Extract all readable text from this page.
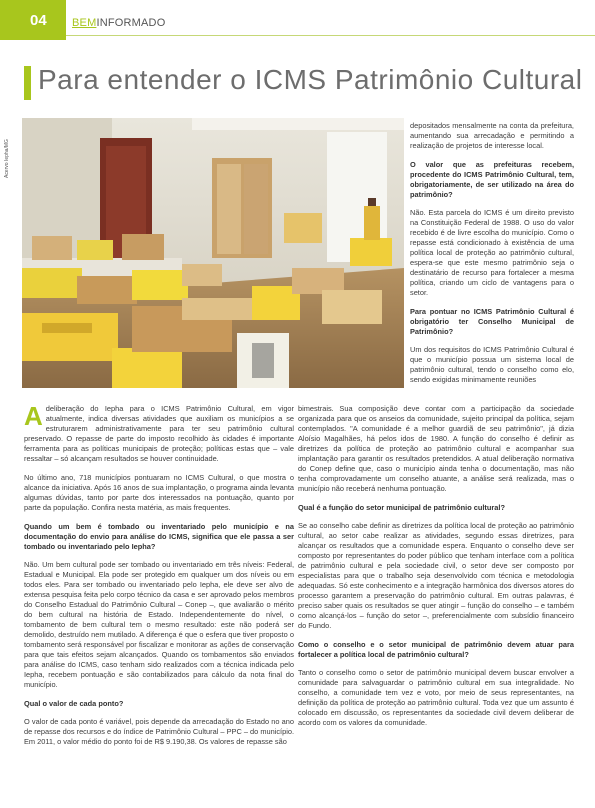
04	BEMINFORMADO
Para entender o ICMS Patrimônio Cultural
Acervo Iepha/MG

depositados mensalmente na conta da prefeitura, aumentando sua arrecadação e permitindo a realização de projetos de interesse local.

O valor que as prefeituras recebem, procedente do ICMS Patrimônio Cultural, tem, obrigatoriamente, de ser utilizado na área do patrimônio?

Não. Esta parcela do ICMS é um direito previsto na Constituição Federal de 1988. O uso do valor recebido é de livre escolha do município. Como o repasse está condicionado à existência de uma política local de proteção ao patrimônio cultural, espera-se que este mesmo patrimônio seja o destinatário de recurso para fortalecer a mesma política, criando um ciclo de vantagens para o setor.

Para pontuar no ICMS Patrimônio Cultural é obrigatório ter Conselho Municipal de Patrimônio?

Um dos requisitos do ICMS Patrimônio Cultural é que o município possua um sistema local de patrimônio cultural, tendo o conselho como elo, sendo exigidas minimamente reuniões

Adeliberação do Iepha para o ICMS Patrimônio Cultural, em vigor atualmente, indica diversas atividades que auxiliam os municípios a se estruturarem administrativamente para ter seu patrimônio cultural preservado. O repasse de parte do imposto recolhido às cidades é importante ferramenta para as políticas municipais de proteção; políticas estas que – vale ressaltar – só alcançam resultados se houver continuidade.

No último ano, 718 municípios pontuaram no ICMS Cultural, o que mostra o alcance da iniciativa. Após 16 anos de sua implantação, o programa ainda levanta algumas dúvidas, tanto por parte dos interessados na pontuação, quanto por parte da população. Confira nesta matéria, as mais frequentes.

Quando um bem é tombado ou inventariado pelo município e na documentação do envio para análise do ICMS, significa que ele passa a ser tombado ou inventariado pelo Iepha?

Não. Um bem cultural pode ser tombado ou inventariado em três níveis: Federal, Estadual e Municipal. Ela pode ser protegido em qualquer um dos níveis ou em todos eles. Para ser tombado ou inventariado pelo Iepha, ele deve ser alvo de extensa pesquisa feita pelo corpo técnico da casa e ser aprovado pelos membros do Conselho Estadual do Patrimônio Cultural – Conep –, que avaliarão o mérito do bem cultural na história de Estado. Independentemente do nível, o tombamento de bem cultural tem o mesmo resultado: este não poderá ser demolido, destruído nem mutilado. A diferença é que o esfera que tiver proposto o tombamento será responsável por fiscalizar e monitorar as ações de conservação para que tais efeitos sejam alcançados. Quando os tombamentos são enviados para análise do ICMS, caso tenham sido realizados com a técnica indicada pelo Iepha, recebem pontuação e são contabilizados para cálculo da nota final do município.

Qual o valor de cada ponto?

O valor de cada ponto é variável, pois depende da arrecadação do Estado no ano de repasse dos recursos e do índice de Patrimônio Cultural – PPC – do município. Em 2011, o valor médio do ponto foi de R$ 9.190,38. Os valores de repasse são

bimestrais. Sua composição deve contar com a participação da sociedade organizada para que os anseios da comunidade, sujeito principal da política, sejam contemplados. "A comunidade é a melhor guardiã de seu patrimônio", já dizia Aloísio Magalhães, há pelos idos de 1980. A função do conselho é definir as diretrizes da política de proteção ao patrimônio cultural e acompanhar sua implantação para garantir os resultados pretendidos. A atual deliberação normativa do Conep define que, caso o município ainda tenha o documentação, mas não tenha comprovadamente um conselho atuante, a análise será realizada, mas o município não receberá nenhuma pontuação.

Qual é a função do setor municipal de patrimônio cultural?

Se ao conselho cabe definir as diretrizes da política local de proteção ao patrimônio cultural, ao setor cabe realizar as atividades, segundo essas diretrizes, para alcançar os resultados que a comunidade espera. Enquanto o conselho deve ser composto por representantes do poder público que tenham interface com a política de patrimônio cultural e pela sociedade civil, o setor deve ser composto por especialistas para que o trabalho seja desenvolvido com técnica e metodologia adequadas. Só este conhecimento e a integração harmônica dos diversos atores do processo garantem a preservação do patrimônio cultural. Em outras palavras, é preciso saber quais os resultados se quer atingir – função do conselho – e também como alcançá-los – função do setor –, preferencialmente com subsídio financeiro do Fundo.

Como o conselho e o setor municipal de patrimônio devem atuar para fortalecer a política local de patrimônio cultural?

Tanto o conselho como o setor de patrimônio municipal devem buscar envolver a comunidade para salvaguardar o patrimônio cultural em sua integralidade. No conselho, a comunidade tem vez e voto, por meio de seus representantes, na definição da política de proteção ao patrimônio cultural. Toda vez que um assunto é colocado em discussão, os representantes da sociedade civil devem deliberar de acordo com os valores da comunidade.
